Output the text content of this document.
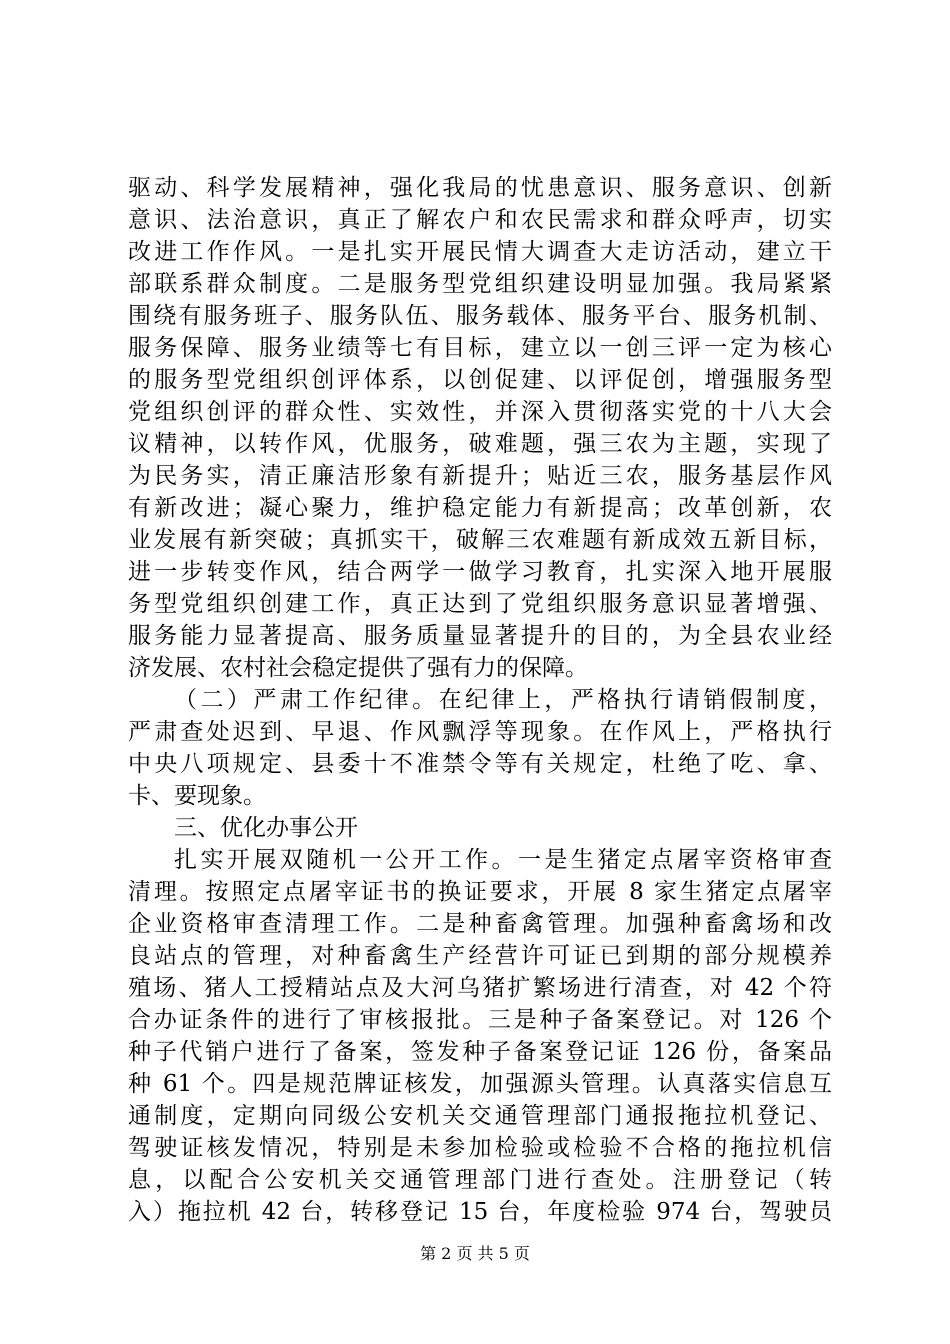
驱动、科学发展精神，强化我局的忧患意识、服务意识、创新
意识、法治意识，真正了解农户和农民需求和群众呼声，切实
改进工作作风。一是扎实开展民情大调查大走访活动，建立干
部联系群众制度。二是服务型党组织建设明显加强。我局紧紧
围绕有服务班子、服务队伍、服务载体、服务平台、服务机制、
服务保障、服务业绩等七有目标，建立以一创三评一定为核心
的服务型党组织创评体系，以创促建、以评促创，增强服务型
党组织创评的群众性、实效性，并深入贯彻落实党的十八大会
议精神，以转作风，优服务，破难题，强三农为主题，实现了
为民务实，清正廉洁形象有新提升；贴近三农，服务基层作风
有新改进；凝心聚力，维护稳定能力有新提高；改革创新，农
业发展有新突破；真抓实干，破解三农难题有新成效五新目标，
进一步转变作风，结合两学一做学习教育，扎实深入地开展服
务型党组织创建工作，真正达到了党组织服务意识显著增强、
服务能力显著提高、服务质量显著提升的目的，为全县农业经
济发展、农村社会稳定提供了强有力的保障。
（二）严肃工作纪律。在纪律上，严格执行请销假制度，
严肃查处迟到、早退、作风飘浮等现象。在作风上，严格执行
中央八项规定、县委十不准禁令等有关规定，杜绝了吃、拿、
卡、要现象。
三、优化办事公开
扎实开展双随机一公开工作。一是生猪定点屠宰资格审查
清理。按照定点屠宰证书的换证要求，开展 8 家生猪定点屠宰
企业资格审查清理工作。二是种畜禽管理。加强种畜禽场和改
良站点的管理，对种畜禽生产经营许可证已到期的部分规模养
殖场、猪人工授精站点及大河乌猪扩繁场进行清查，对 42 个符
合办证条件的进行了审核报批。三是种子备案登记。对 126 个
种子代销户进行了备案，签发种子备案登记证 126 份，备案品
种 61 个。四是规范牌证核发，加强源头管理。认真落实信息互
通制度，定期向同级公安机关交通管理部门通报拖拉机登记、
驾驶证核发情况，特别是未参加检验或检验不合格的拖拉机信
息，以配合公安机关交通管理部门进行查处。注册登记（转
入）拖拉机 42 台，转移登记 15 台，年度检验 974 台，驾驶员
第 2 页 共 5 页
